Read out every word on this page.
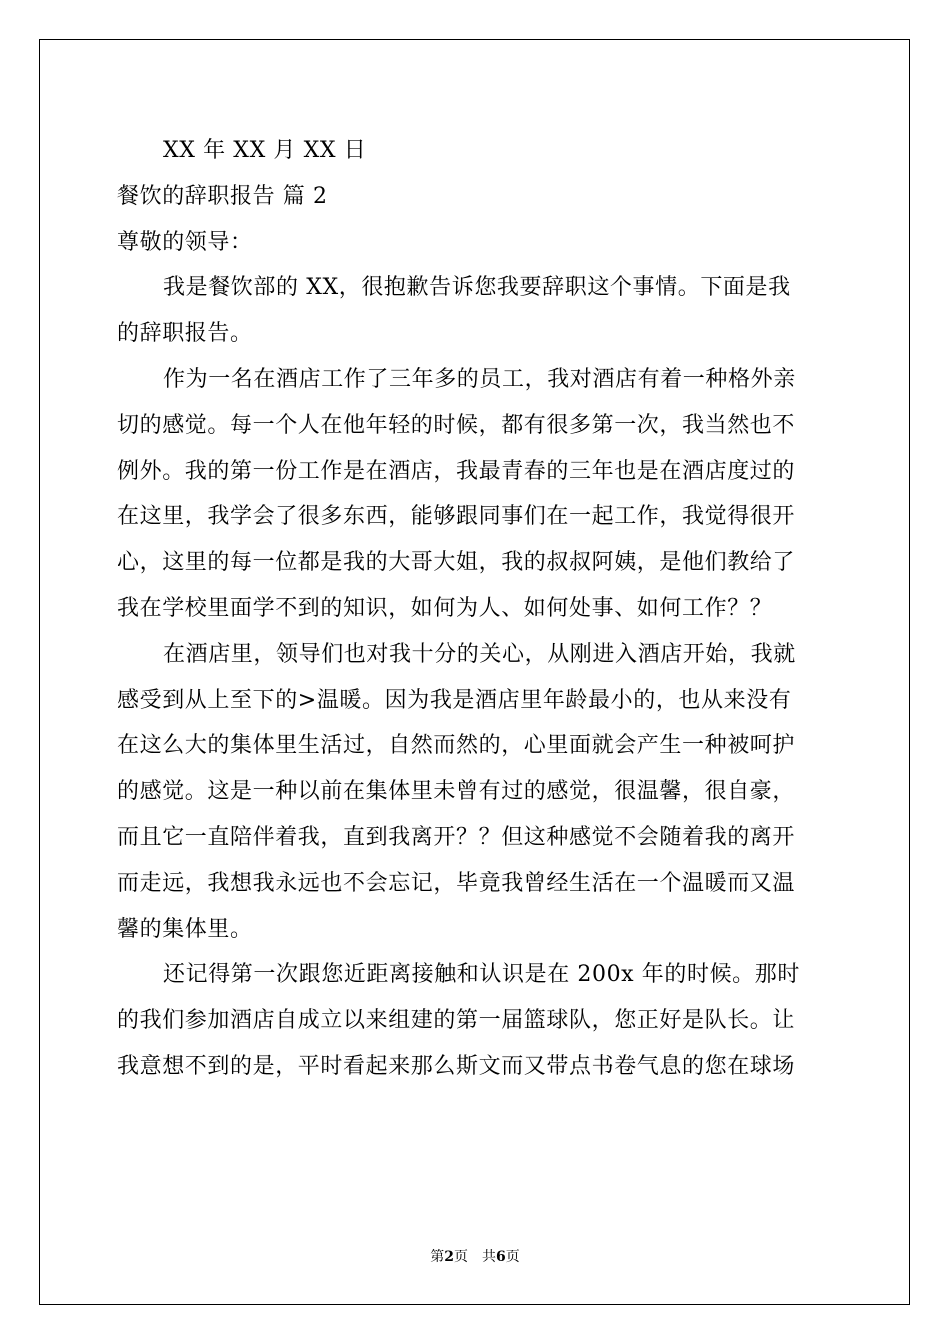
XX 年 XX 月 XX 日
餐饮的辞职报告 篇 2
尊敬的领导：
我是餐饮部的 XX，很抱歉告诉您我要辞职这个事情。下面是我
的辞职报告。
作为一名在酒店工作了三年多的员工，我对酒店有着一种格外亲
切的感觉。每一个人在他年轻的时候，都有很多第一次，我当然也不
例外。我的第一份工作是在酒店，我最青春的三年也是在酒店度过的
在这里，我学会了很多东西，能够跟同事们在一起工作，我觉得很开
心，这里的每一位都是我的大哥大姐，我的叔叔阿姨，是他们教给了
我在学校里面学不到的知识，如何为人、如何处事、如何工作？？
在酒店里，领导们也对我十分的关心，从刚进入酒店开始，我就
感受到从上至下的>温暖。因为我是酒店里年龄最小的，也从来没有
在这么大的集体里生活过，自然而然的，心里面就会产生一种被呵护
的感觉。这是一种以前在集体里未曾有过的感觉，很温馨，很自豪，
而且它一直陪伴着我，直到我离开？？但这种感觉不会随着我的离开
而走远，我想我永远也不会忘记，毕竟我曾经生活在一个温暖而又温
馨的集体里。
还记得第一次跟您近距离接触和认识是在 200x 年的时候。那时
的我们参加酒店自成立以来组建的第一届篮球队，您正好是队长。让
我意想不到的是，平时看起来那么斯文而又带点书卷气息的您在球场
第2页　共6页
